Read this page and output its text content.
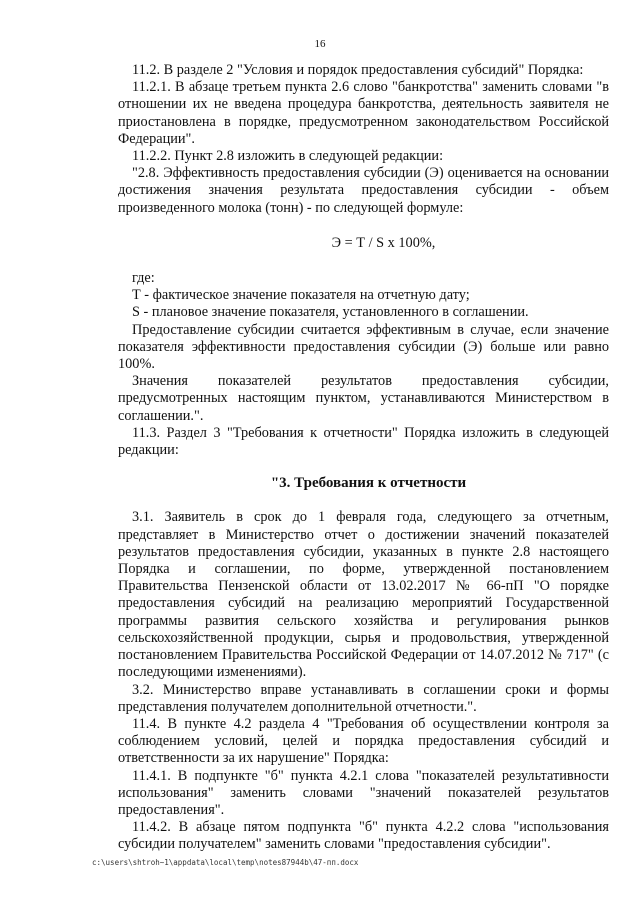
16

11.2. В разделе 2 "Условия и порядок предоставления субсидий" Порядка:

11.2.1. В абзаце третьем пункта 2.6 слово "банкротства" заменить словами "в отношении их не введена процедура банкротства, деятельность заявителя не приостановлена в порядке, предусмотренном законодательством Российской Федерации".

11.2.2. Пункт 2.8 изложить в следующей редакции:

"2.8. Эффективность предоставления субсидии (Э) оценивается на основании достижения значения результата предоставления субсидии - объем произведенного молока (тонн) - по следующей формуле:

Э = Т / S х 100%,

где:

Т - фактическое значение показателя на отчетную дату;

S - плановое значение показателя, установленного в соглашении.

Предоставление субсидии считается эффективным в случае, если значение показателя эффективности предоставления субсидии (Э) больше или равно 100%.

Значения показателей результатов предоставления субсидии, предусмотренных настоящим пунктом, устанавливаются Министерством в соглашении.".

11.3. Раздел 3 "Требования к отчетности" Порядка изложить в следующей редакции:

"3. Требования к отчетности

3.1. Заявитель в срок до 1 февраля года, следующего за отчетным, представляет в Министерство отчет о достижении значений показателей результатов предоставления субсидии, указанных в пункте 2.8 настоящего Порядка и соглашении, по форме, утвержденной постановлением Правительства Пензенской области от 13.02.2017 № 66-пП "О порядке предоставления субсидий на реализацию мероприятий Государственной программы развития сельского хозяйства и регулирования рынков сельскохозяйственной продукции, сырья и продовольствия, утвержденной постановлением Правительства Российской Федерации от 14.07.2012 № 717" (с последующими изменениями).

3.2. Министерство вправе устанавливать в соглашении сроки и формы представления получателем дополнительной отчетности.".

11.4. В пункте 4.2 раздела 4 "Требования об осуществлении контроля за соблюдением условий, целей и порядка предоставления субсидий и ответственности за их нарушение" Порядка:

11.4.1. В подпункте "б" пункта 4.2.1 слова "показателей результативности использования" заменить словами "значений показателей результатов предоставления".

11.4.2. В абзаце пятом подпункта "б" пункта 4.2.2 слова "использования субсидии получателем" заменить словами "предоставления субсидии".

c:\users\shtroh~1\appdata\local\temp\notes87944b\47-пп.docx
